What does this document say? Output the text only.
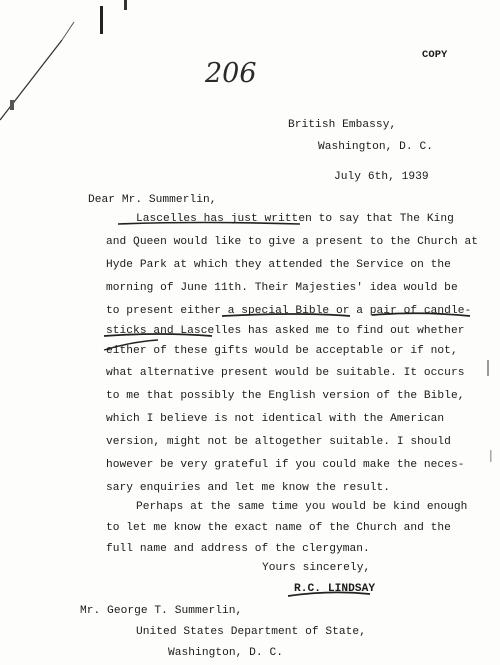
COPY
206
British Embassy,
Washington, D. C.
July 6th, 1939
Dear Mr. Summerlin,
Lascelles has just written to say that The King
and Queen would like to give a present to the Church at
Hyde Park at which they attended the Service on the
morning of June 11th. Their Majesties' idea would be
to present either a special Bible or a pair of candle-
sticks and Lascelles has asked me to find out whether
either of these gifts would be acceptable or if not,
what alternative present would be suitable. It occurs
to me that possibly the English version of the Bible,
which I believe is not identical with the American
version, might not be altogether suitable. I should
however be very grateful if you could make the neces-
sary enquiries and let me know the result.
Perhaps at the same time you would be kind enough
to let me know the exact name of the Church and the
full name and address of the clergyman.
Yours sincerely,
R.C. LINDSAY
Mr. George T. Summerlin,
United States Department of State,
Washington, D. C.
